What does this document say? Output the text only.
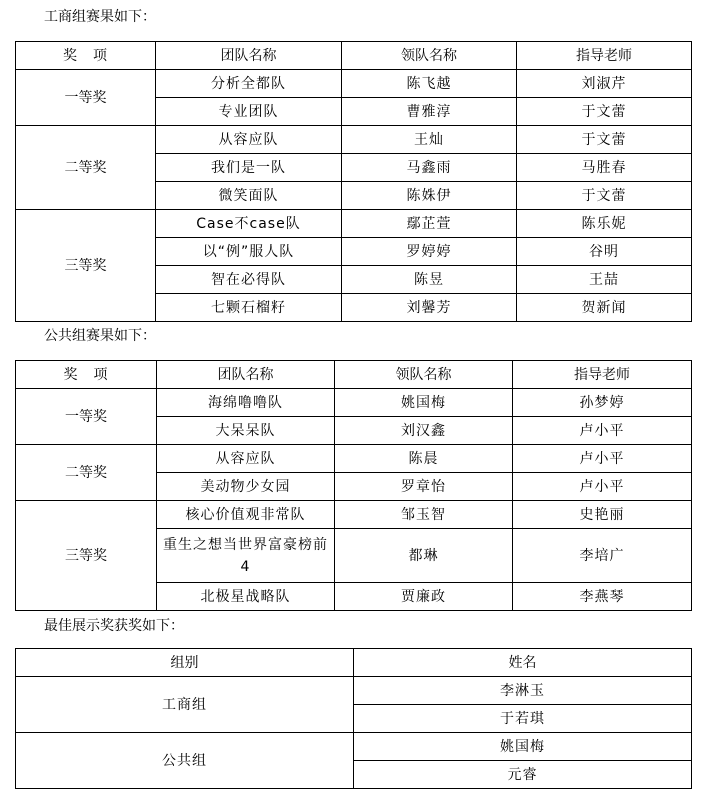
工商组赛果如下：
奖　项	团队名称	领队名称	指导老师
一等奖	分析全都队	陈飞越	刘淑芹
	专业团队	曹雅淳	于文蕾
二等奖	从容应队	王灿	于文蕾
	我们是一队	马鑫雨	马胜春
	微笑面队	陈姝伊	于文蕾
三等奖	Case不case队	鄢芷萱	陈乐妮
	以“例”服人队	罗婷婷	谷明
	智在必得队	陈昱	王喆
	七颗石榴籽	刘馨芳	贺新闻
公共组赛果如下：
奖　项	团队名称	领队名称	指导老师
一等奖	海绵噜噜队	姚国梅	孙梦婷
	大呆呆队	刘汉鑫	卢小平
二等奖	从容应队	陈晨	卢小平
	美动物少女园	罗章怡	卢小平
三等奖	核心价值观非常队	邹玉智	史艳丽
	重生之想当世界富豪榜前4	都琳	李培广
	北极星战略队	贾廉政	李燕琴
最佳展示奖获奖如下：
组别	姓名
工商组	李淋玉
	于若琪
公共组	姚国梅
	元睿
